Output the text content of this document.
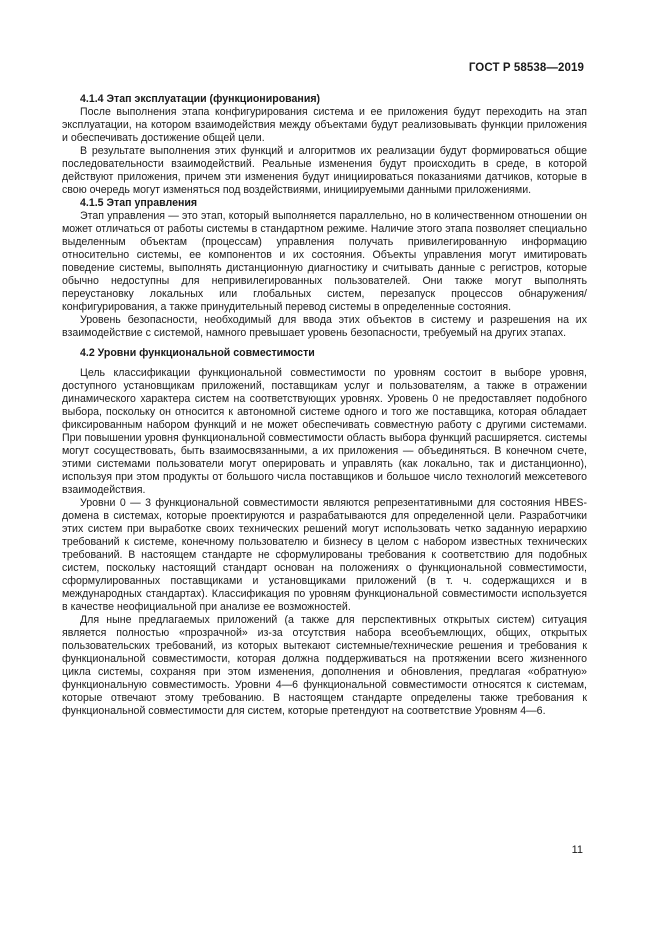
ГОСТ Р 58538—2019

4.1.4 Этап эксплуатации (функционирования)

После выполнения этапа конфигурирования система и ее приложения будут переходить на этап эксплуатации, на котором взаимодействия между объектами будут реализовывать функции приложения и обеспечивать достижение общей цели.

В результате выполнения этих функций и алгоритмов их реализации будут формироваться общие последовательности взаимодействий. Реальные изменения будут происходить в среде, в которой действуют приложения, причем эти изменения будут инициироваться показаниями датчиков, которые в свою очередь могут изменяться под воздействиями, инициируемыми данными приложениями.

4.1.5 Этап управления

Этап управления — это этап, который выполняется параллельно, но в количественном отношении он может отличаться от работы системы в стандартном режиме. Наличие этого этапа позволяет специально выделенным объектам (процессам) управления получать привилегированную информацию относительно системы, ее компонентов и их состояния. Объекты управления могут имитировать поведение системы, выполнять дистанционную диагностику и считывать данные с регистров, которые обычно недоступны для непривилегированных пользователей. Они также могут выполнять переустановку локальных или глобальных систем, перезапуск процессов обнаружения/конфигурирования, а также принудительный перевод системы в определенные состояния.

Уровень безопасности, необходимый для ввода этих объектов в систему и разрешения на их взаимодействие с системой, намного превышает уровень безопасности, требуемый на других этапах.

4.2 Уровни функциональной совместимости

Цель классификации функциональной совместимости по уровням состоит в выборе уровня, доступного установщикам приложений, поставщикам услуг и пользователям, а также в отражении динамического характера систем на соответствующих уровнях. Уровень 0 не предоставляет подобного выбора, поскольку он относится к автономной системе одного и того же поставщика, которая обладает фиксированным набором функций и не может обеспечивать совместную работу с другими системами. При повышении уровня функциональной совместимости область выбора функций расширяется. системы могут сосуществовать, быть взаимосвязанными, а их приложения — объединяться. В конечном счете, этими системами пользователи могут оперировать и управлять (как локально, так и дистанционно), используя при этом продукты от большого числа поставщиков и большое число технологий межсетевого взаимодействия.

Уровни 0 — 3 функциональной совместимости являются репрезентативными для состояния HBES-домена в системах, которые проектируются и разрабатываются для определенной цели. Разработчики этих систем при выработке своих технических решений могут использовать четко заданную иерархию требований к системе, конечному пользователю и бизнесу в целом с набором известных технических требований. В настоящем стандарте не сформулированы требования к соответствию для подобных систем, поскольку настоящий стандарт основан на положениях о функциональной совместимости, сформулированных поставщиками и установщиками приложений (в т. ч. содержащихся и в международных стандартах). Классификация по уровням функциональной совместимости используется в качестве неофициальной при анализе ее возможностей.

Для ныне предлагаемых приложений (а также для перспективных открытых систем) ситуация является полностью «прозрачной» из-за отсутствия набора всеобъемлющих, общих, открытых пользовательских требований, из которых вытекают системные/технические решения и требования к функциональной совместимости, которая должна поддерживаться на протяжении всего жизненного цикла системы, сохраняя при этом изменения, дополнения и обновления, предлагая «обратную» функциональную совместимость. Уровни 4—6 функциональной совместимости относятся к системам, которые отвечают этому требованию. В настоящем стандарте определены также требования к функциональной совместимости для систем, которые претендуют на соответствие Уровням 4—6.

11
